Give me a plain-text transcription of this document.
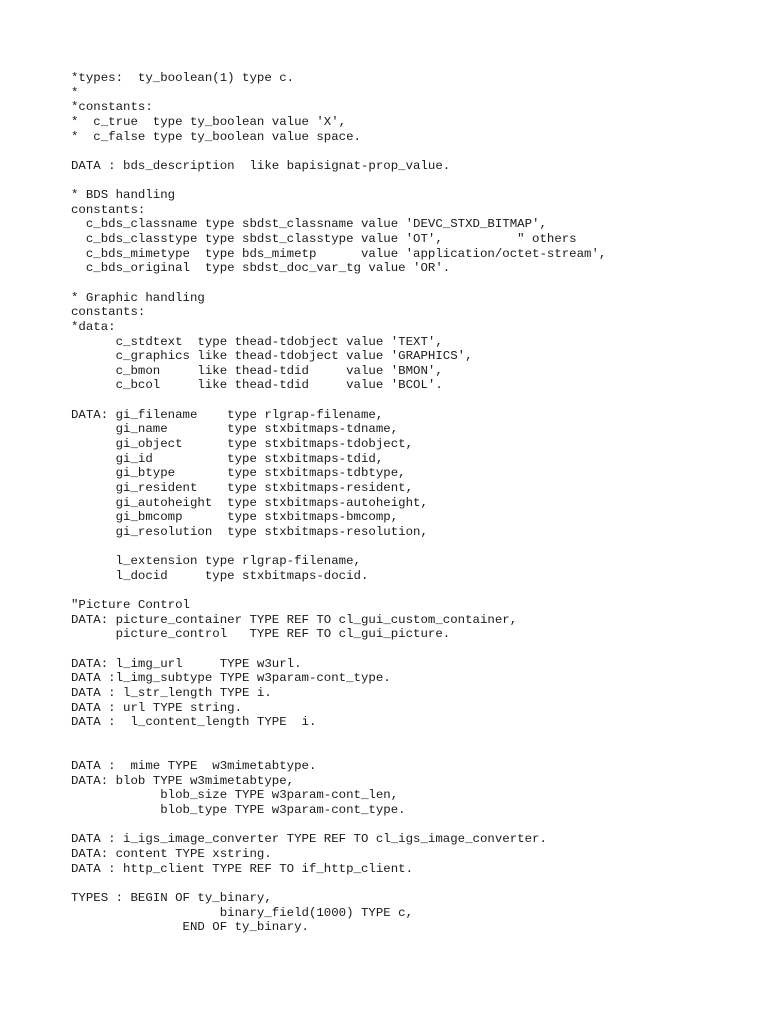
*types:  ty_boolean(1) type c.
*
*constants:
*  c_true  type ty_boolean value 'X',
*  c_false type ty_boolean value space.
DATA : bds_description  like bapisignat-prop_value.
* BDS handling
constants:
c_bds_classname type sbdst_classname value 'DEVC_STXD_BITMAP',
c_bds_classtype type sbdst_classtype value 'OT',          " others
c_bds_mimetype  type bds_mimetp      value 'application/octet-stream',
c_bds_original  type sbdst_doc_var_tg value 'OR'.
* Graphic handling
constants:
*data:
c_stdtext  type thead-tdobject value 'TEXT',
c_graphics like thead-tdobject value 'GRAPHICS',
c_bmon     like thead-tdid     value 'BMON',
c_bcol     like thead-tdid     value 'BCOL'.
DATA: gi_filename    type rlgrap-filename,
gi_name        type stxbitmaps-tdname,
gi_object      type stxbitmaps-tdobject,
gi_id          type stxbitmaps-tdid,
gi_btype       type stxbitmaps-tdbtype,
gi_resident    type stxbitmaps-resident,
gi_autoheight  type stxbitmaps-autoheight,
gi_bmcomp      type stxbitmaps-bmcomp,
gi_resolution  type stxbitmaps-resolution,
l_extension type rlgrap-filename,
l_docid     type stxbitmaps-docid.
"Picture Control
DATA: picture_container TYPE REF TO cl_gui_custom_container,
picture_control   TYPE REF TO cl_gui_picture.
DATA: l_img_url     TYPE w3url.
DATA :l_img_subtype TYPE w3param-cont_type.
DATA : l_str_length TYPE i.
DATA : url TYPE string.
DATA :  l_content_length TYPE  i.
DATA :  mime TYPE  w3mimetabtype.
DATA: blob TYPE w3mimetabtype,
blob_size TYPE w3param-cont_len,
blob_type TYPE w3param-cont_type.
DATA : i_igs_image_converter TYPE REF TO cl_igs_image_converter.
DATA: content TYPE xstring.
DATA : http_client TYPE REF TO if_http_client.
TYPES : BEGIN OF ty_binary,
binary_field(1000) TYPE c,
END OF ty_binary.
